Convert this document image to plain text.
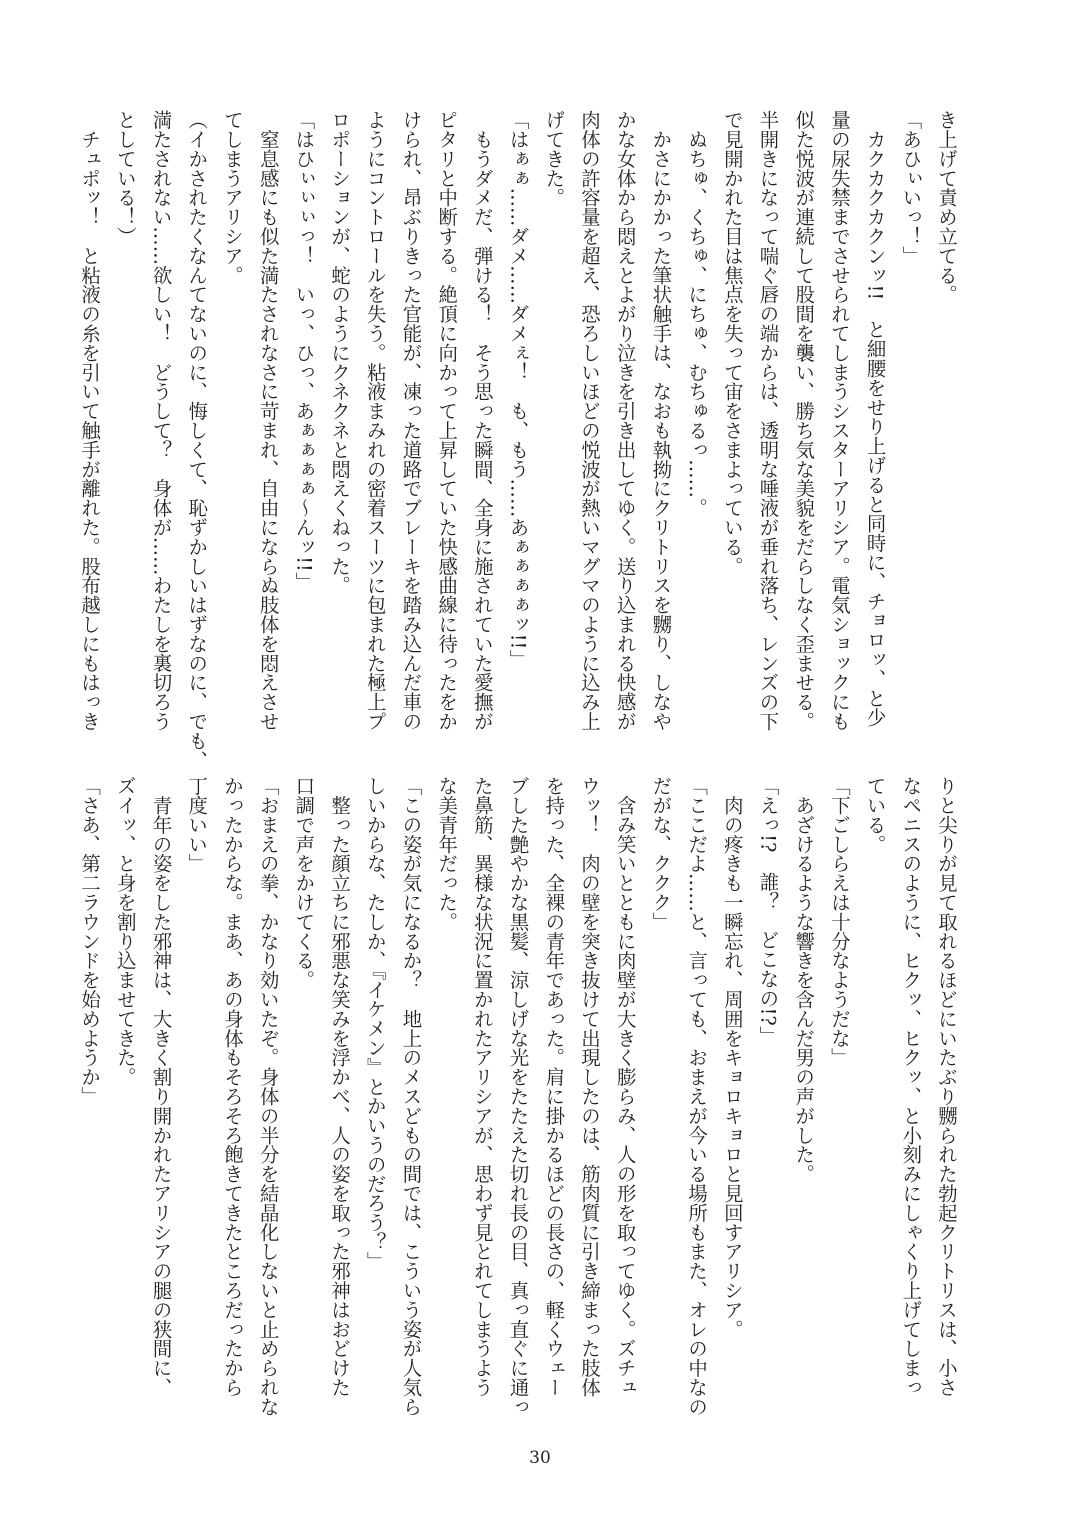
き上げて責め立てる。
「あひぃいっ！」
　カクカクカクンッ!!　と細腰をせり上げると同時に、チョロッ、と少
量の尿失禁までさせられてしまうシスターアリシア。電気ショックにも
似た悦波が連続して股間を襲い、勝ち気な美貌をだらしなく歪ませる。
半開きになって喘ぐ唇の端からは、透明な唾液が垂れ落ち、レンズの下
で見開かれた目は焦点を失って宙をさまよっている。
　ぬちゅ、くちゅ、にちゅ、むちゅるっ……。
　かさにかかった筆状触手は、なおも執拗にクリトリスを嬲り、しなや
かな女体から悶えとよがり泣きを引き出してゆく。送り込まれる快感が
肉体の許容量を超え、恐ろしいほどの悦波が熱いマグマのように込み上
げてきた。
「はぁぁ……ダメ……ダメぇ！　も、もう……あぁぁぁぁッ!!」
　もうダメだ、弾ける！　そう思った瞬間、全身に施されていた愛撫が
ピタリと中断する。絶頂に向かって上昇していた快感曲線に待ったをか
けられ、昂ぶりきった官能が、凍った道路でブレーキを踏み込んだ車の
ようにコントロールを失う。粘液まみれの密着スーツに包まれた極上プ
ロポーションが、蛇のようにクネクネと悶えくねった。
「はひぃぃぃっ！　いっ、ひっ、あぁぁぁぁ〜んッ!!」
　窒息感にも似た満たされなさに苛まれ、自由にならぬ肢体を悶えさせ
てしまうアリシア。
（イかされたくなんてないのに、悔しくて、恥ずかしいはずなのに、でも、
満たされない……欲しい！　どうして？　身体が……わたしを裏切ろう
としている！）
　チュポッ！　と粘液の糸を引いて触手が離れた。股布越しにもはっき
りと尖りが見て取れるほどにいたぶり嬲られた勃起クリトリスは、小さ
なペニスのように、ヒクッ、ヒクッ、と小刻みにしゃくり上げてしまっ
ている。
「下ごしらえは十分なようだな」
　あざけるような響きを含んだ男の声がした。
「えっ!?　誰？　どこなの!?」
　肉の疼きも一瞬忘れ、周囲をキョロキョロと見回すアリシア。
「ここだよ……と、言っても、おまえが今いる場所もまた、オレの中なの
だがな、ククク」
　含み笑いとともに肉壁が大きく膨らみ、人の形を取ってゆく。ズチュ
ウッ！　肉の壁を突き抜けて出現したのは、筋肉質に引き締まった肢体
を持った、全裸の青年であった。肩に掛かるほどの長さの、軽くウェー
ブした艶やかな黒髪、涼しげな光をたたえた切れ長の目、真っ直ぐに通っ
た鼻筋、異様な状況に置かれたアリシアが、思わず見とれてしまうよう
な美青年だった。
「この姿が気になるか？　地上のメスどもの間では、こういう姿が人気ら
しいからな、たしか、『イケメン』とかいうのだろう？」
　整った顔立ちに邪悪な笑みを浮かべ、人の姿を取った邪神はおどけた
口調で声をかけてくる。
「おまえの拳、かなり効いたぞ。身体の半分を結晶化しないと止められな
かったからな。まあ、あの身体もそろそろ飽きてきたところだったから
丁度いい」
　青年の姿をした邪神は、大きく割り開かれたアリシアの腿の狭間に、
ズイッ、と身を割り込ませてきた。
「さあ、第二ラウンドを始めようか」
30
